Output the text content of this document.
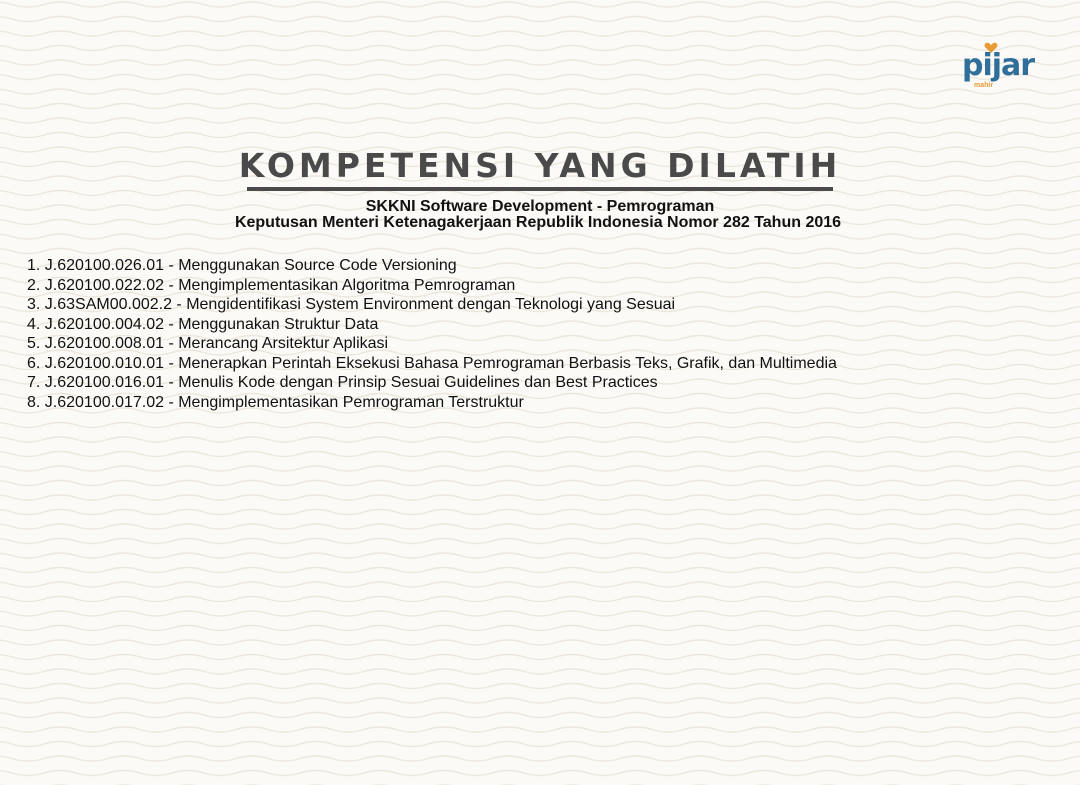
pijar
mahir
KOMPETENSI YANG DILATIH
SKKNI Software Development - Pemrograman
Keputusan Menteri Ketenagakerjaan Republik Indonesia Nomor 282 Tahun 2016
1. J.620100.026.01 - Menggunakan Source Code Versioning
2. J.620100.022.02 - Mengimplementasikan Algoritma Pemrograman
3. J.63SAM00.002.2 - Mengidentifikasi System Environment dengan Teknologi yang Sesuai
4. J.620100.004.02 - Menggunakan Struktur Data
5. J.620100.008.01 - Merancang Arsitektur Aplikasi
6. J.620100.010.01 - Menerapkan Perintah Eksekusi Bahasa Pemrograman Berbasis Teks, Grafik, dan Multimedia
7. J.620100.016.01 - Menulis Kode dengan Prinsip Sesuai Guidelines dan Best Practices
8. J.620100.017.02 - Mengimplementasikan Pemrograman Terstruktur
